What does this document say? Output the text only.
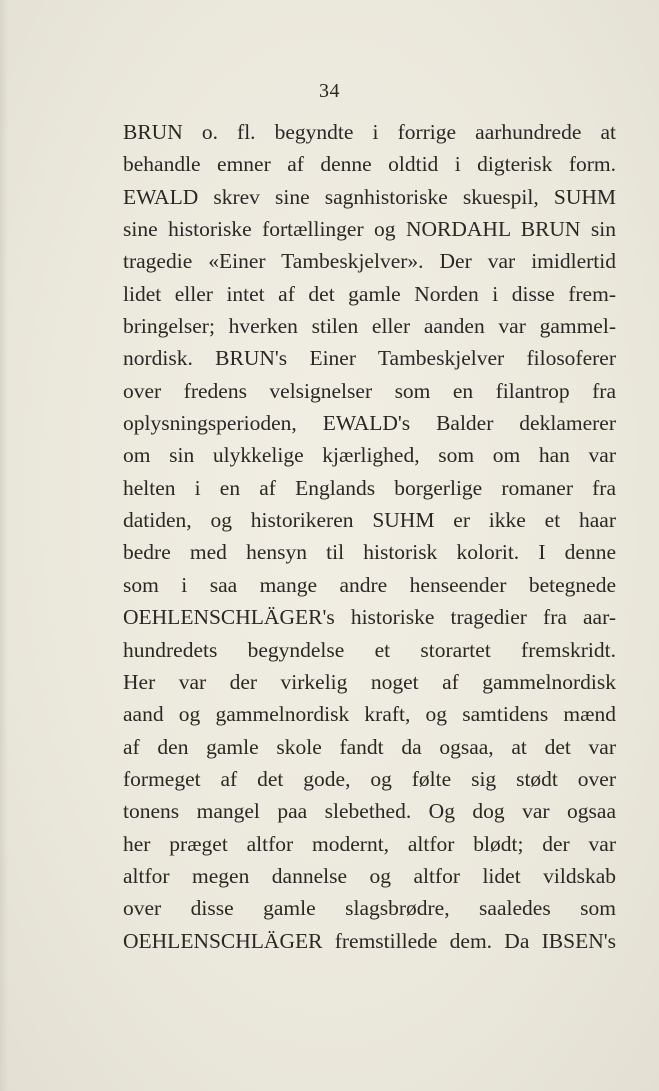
34
BRUN o. fl. begyndte i forrige aarhundrede at
behandle emner af denne oldtid i digterisk form.
EWALD skrev sine sagnhistoriske skuespil, SUHM
sine historiske fortællinger og NORDAHL BRUN sin
tragedie «Einer Tambeskjelver». Der var imidlertid
lidet eller intet af det gamle Norden i disse frem-
bringelser; hverken stilen eller aanden var gammel-
nordisk. BRUN's Einer Tambeskjelver filosoferer
over fredens velsignelser som en filantrop fra
oplysningsperioden, EWALD's Balder deklamerer
om sin ulykkelige kjærlighed, som om han var
helten i en af Englands borgerlige romaner fra
datiden, og historikeren SUHM er ikke et haar
bedre med hensyn til historisk kolorit. I denne
som i saa mange andre henseender betegnede
OEHLENSCHLÄGER's historiske tragedier fra aar-
hundredets begyndelse et storartet fremskridt.
Her var der virkelig noget af gammelnordisk
aand og gammelnordisk kraft, og samtidens mænd
af den gamle skole fandt da ogsaa, at det var
formeget af det gode, og følte sig stødt over
tonens mangel paa slebethed. Og dog var ogsaa
her præget altfor modernt, altfor blødt; der var
altfor megen dannelse og altfor lidet vildskab
over disse gamle slagsbrødre, saaledes som
OEHLENSCHLÄGER fremstillede dem. Da IBSEN's
